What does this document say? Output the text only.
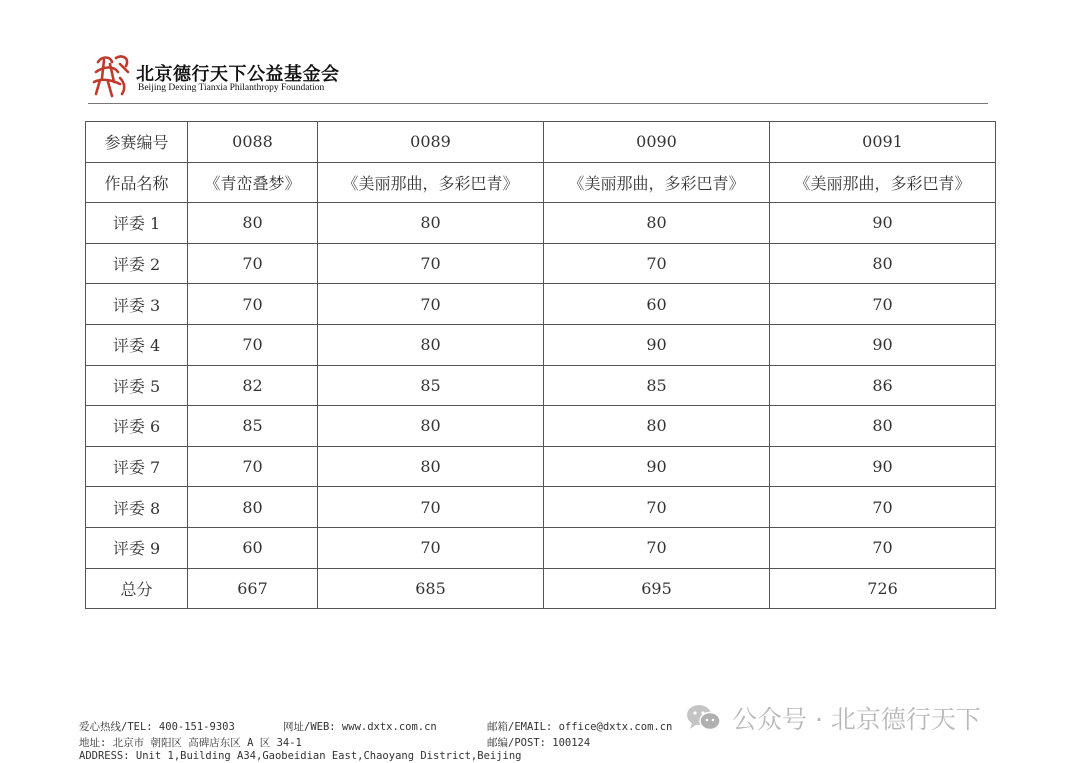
北京德行天下公益基金会
Beijing Dexing Tianxia Philanthropy Foundation
参赛编号	0088	0089	0090	0091
作品名称	《青峦叠梦》	《美丽那曲，多彩巴青》	《美丽那曲，多彩巴青》	《美丽那曲，多彩巴青》
评委 1	80	80	80	90
评委 2	70	70	70	80
评委 3	70	70	60	70
评委 4	70	80	90	90
评委 5	82	85	85	86
评委 6	85	80	80	80
评委 7	70	80	90	90
评委 8	80	70	70	70
评委 9	60	70	70	70
总分	667	685	695	726
爱心热线/TEL: 400-151-9303	网址/WEB: www.dxtx.com.cn	邮箱/EMAIL: office@dxtx.com.cn
地址: 北京市 朝阳区 高碑店东区 A 区 34-1	邮编/POST: 100124
ADDRESS: Unit 1,Building A34,Gaobeidian East,Chaoyang District,Beijing
公众号 · 北京德行天下
